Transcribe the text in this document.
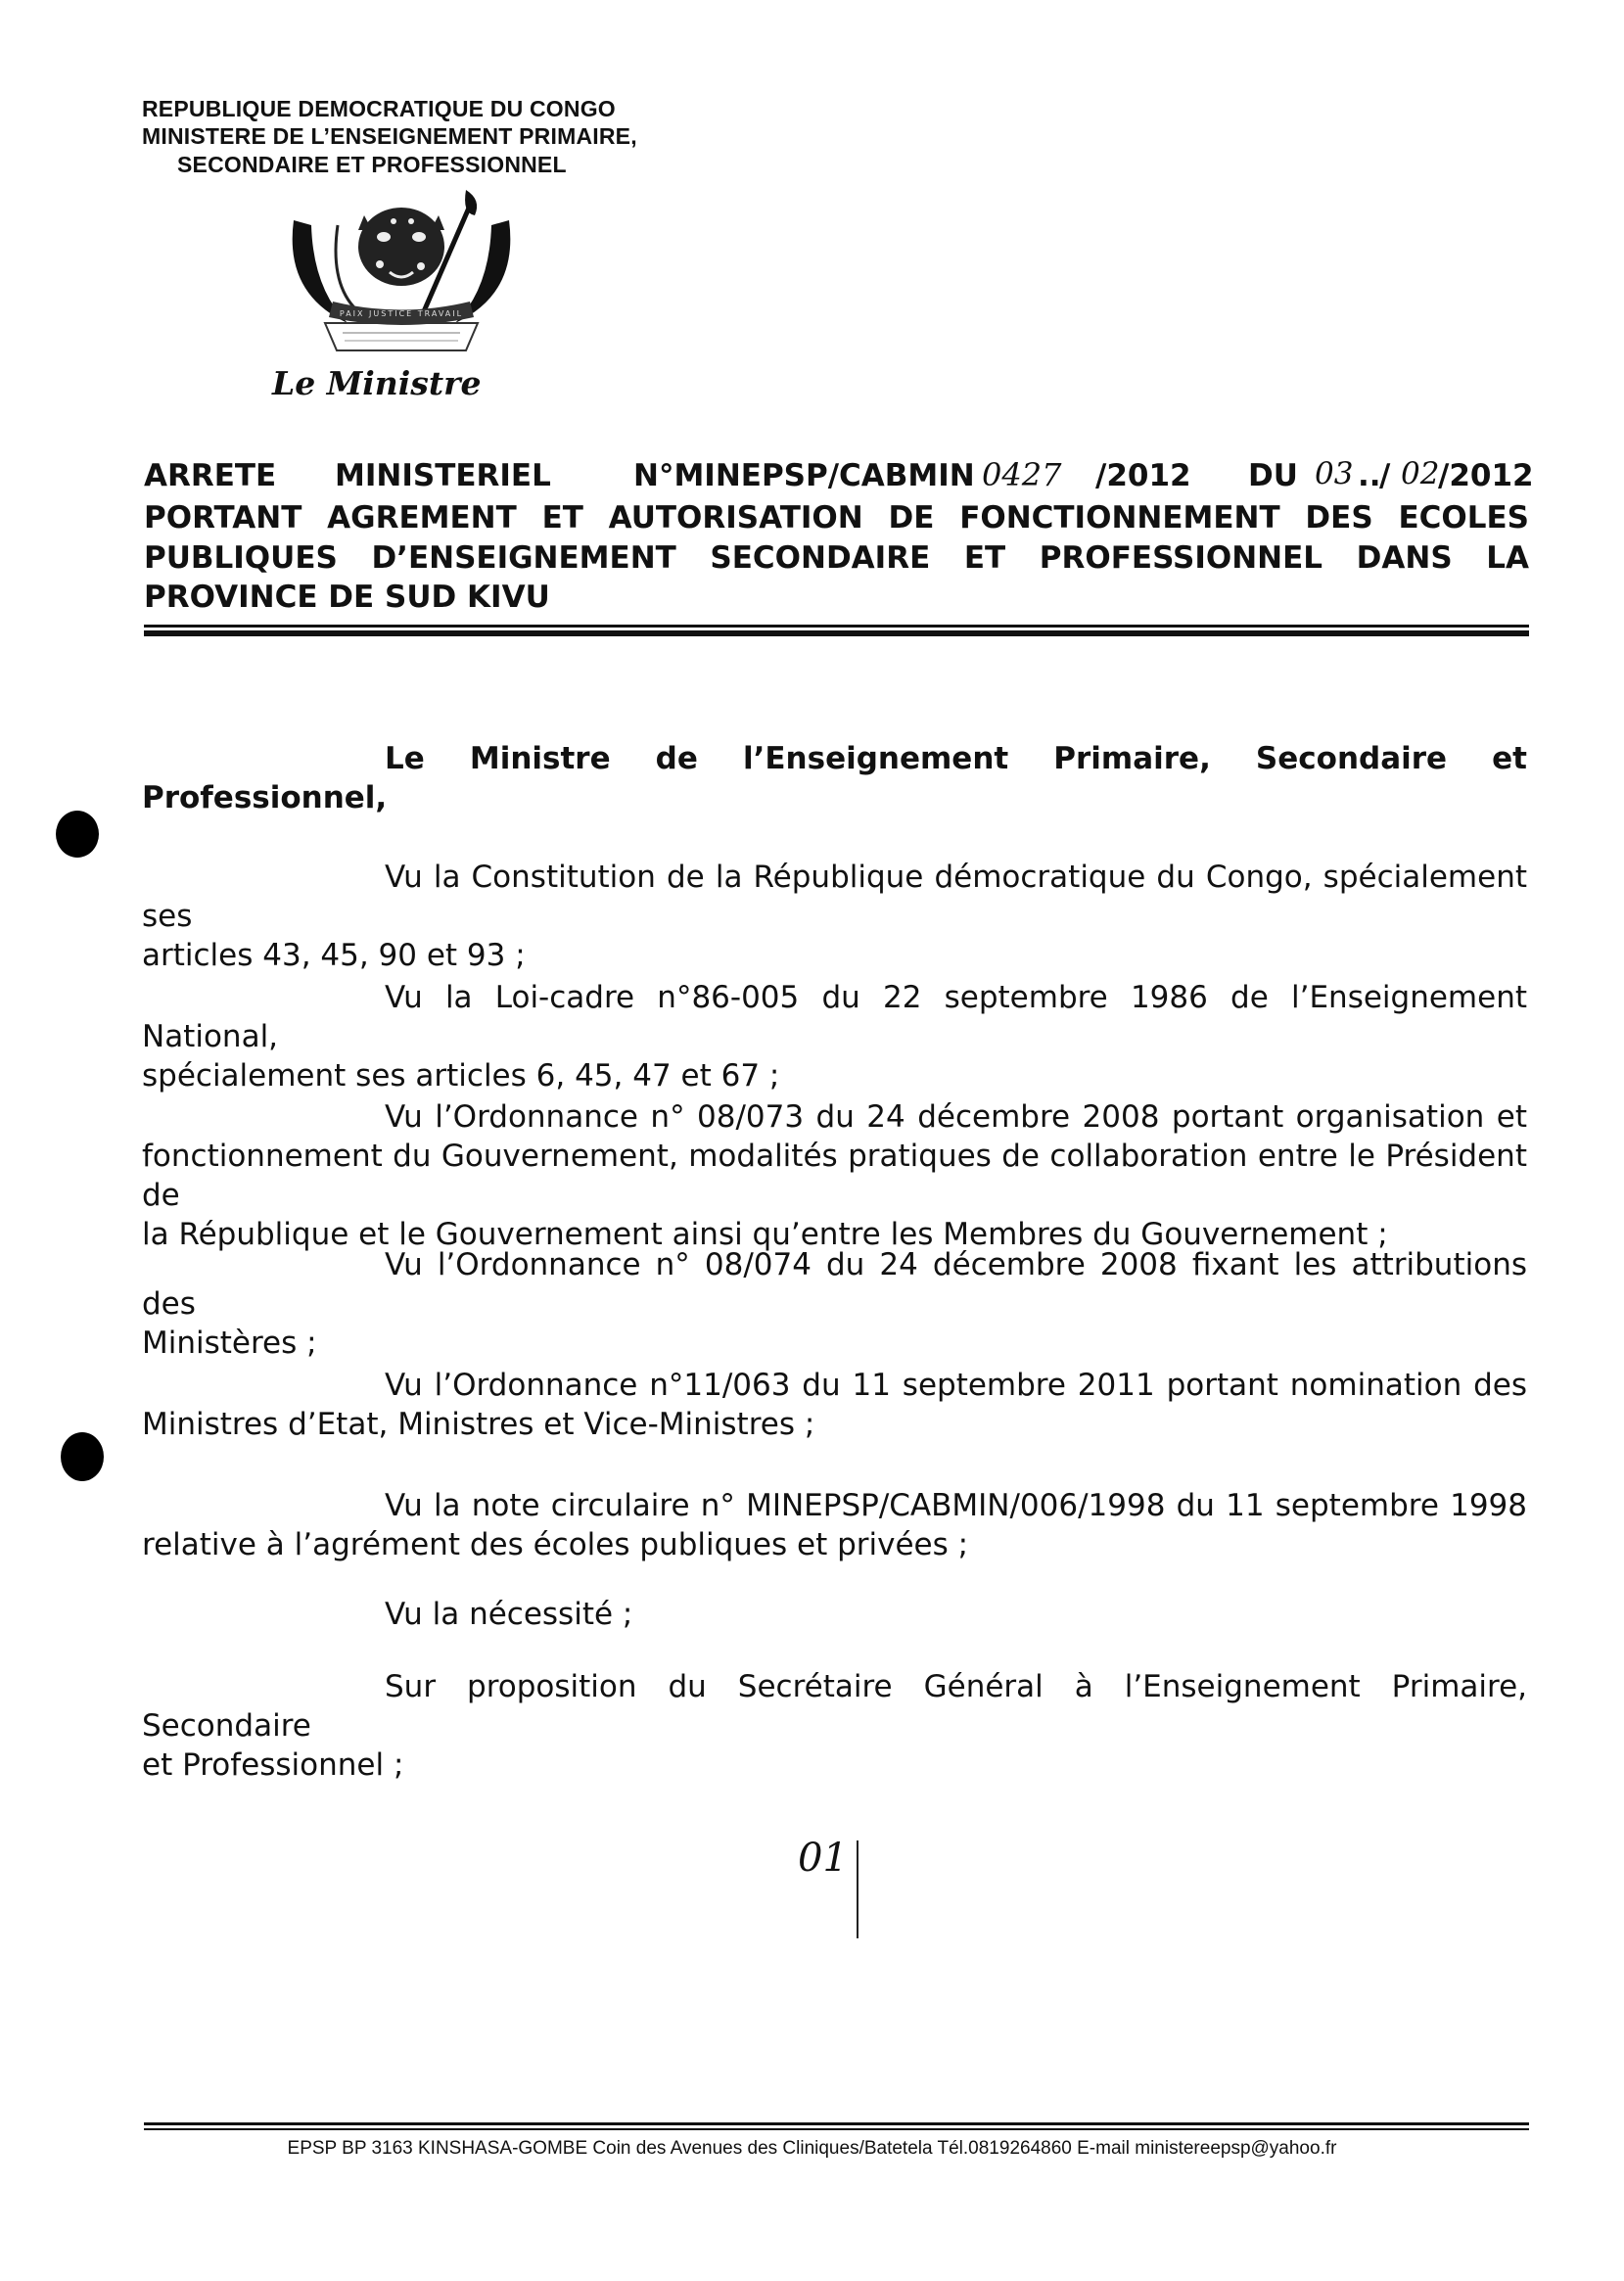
REPUBLIQUE DEMOCRATIQUE DU CONGO
MINISTERE DE L’ENSEIGNEMENT PRIMAIRE,
SECONDAIRE ET PROFESSIONNEL
PAIX JUSTICE TRAVAIL
Le Ministre
ARRETE MINISTERIEL	N°MINEPSP/CABMIN 0427 /2012 DU 03 ..
/ 02
/2012
PORTANT AGREMENT ET AUTORISATION DE FONCTIONNEMENT DES ECOLES
PUBLIQUES D’ENSEIGNEMENT SECONDAIRE ET PROFESSIONNEL DANS LA
PROVINCE DE SUD KIVU
Le Ministre de l’Enseignement Primaire, Secondaire et
Professionnel,
Vu la Constitution de la République démocratique du Congo, spécialement ses
articles 43, 45, 90 et 93 ;
Vu la Loi-cadre n°86-005 du 22 septembre 1986 de l’Enseignement National,
spécialement ses articles 6, 45, 47 et 67 ;
Vu l’Ordonnance n° 08/073 du 24 décembre 2008 portant organisation et
fonctionnement du Gouvernement, modalités pratiques de collaboration entre le Président de
la République et le Gouvernement ainsi qu’entre les Membres du Gouvernement ;
Vu l’Ordonnance n° 08/074 du 24 décembre 2008 fixant les attributions des
Ministères ;
Vu l’Ordonnance n°11/063 du 11 septembre 2011 portant nomination des
Ministres d’Etat, Ministres et Vice-Ministres ;
Vu la note circulaire n° MINEPSP/CABMIN/006/1998 du 11 septembre 1998
relative à l’agrément des écoles publiques et privées ;
Vu la nécessité ;
Sur proposition du Secrétaire Général à l’Enseignement Primaire, Secondaire
et Professionnel ;
01
EPSP BP 3163 KINSHASA-GOMBE Coin des Avenues des Cliniques/Batetela Tél.0819264860 E-mail ministereepsp@yahoo.fr
